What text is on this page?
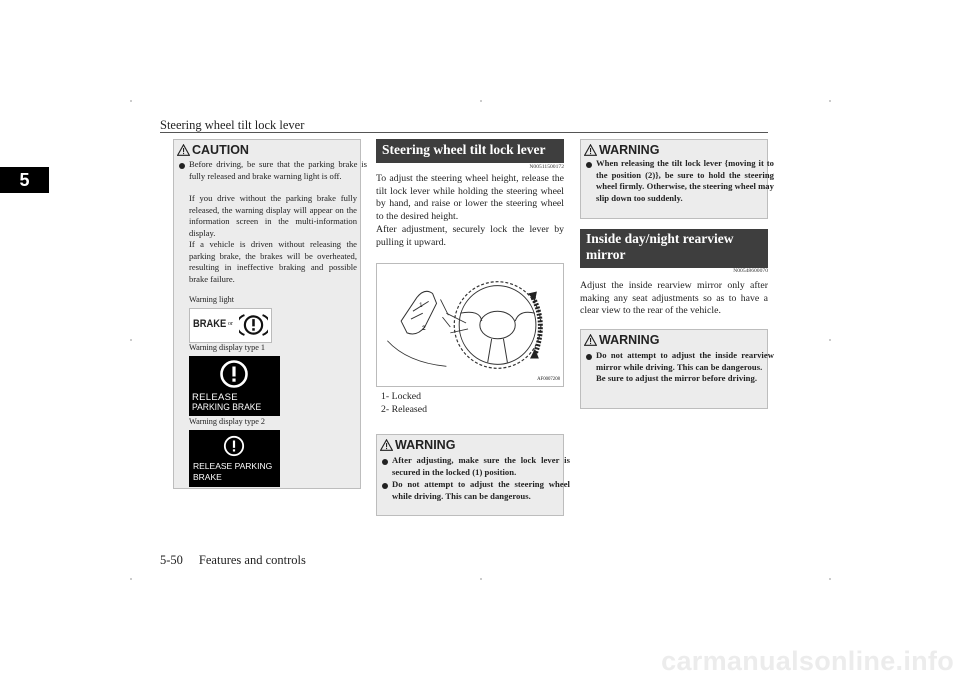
Steering wheel tilt lock lever
5
CAUTION
Before driving, be sure that the parking brake is fully released and brake warning light is off.
If you drive without the parking brake fully released, the warning display will appear on the information screen in the multi-information display.
If a vehicle is driven without releasing the parking brake, the brakes will be overheated, resulting in ineffective braking and possible brake failure.
Warning light
BRAKE or
Warning display type 1
RELEASE
PARKING BRAKE
Warning display type 2
RELEASE PARKING
BRAKE
Steering wheel tilt lock lever
N00511500172
To adjust the steering wheel height, release the tilt lock lever while holding the steering wheel by hand, and raise or lower the steering wheel to the desired height.
After adjustment, securely lock the lever by pulling it upward.
1
2
AF0007208
1- Locked
2- Released
WARNING
After adjusting, make sure the lock lever is secured in the locked (1) position.
Do not attempt to adjust the steering wheel while driving. This can be dangerous.
WARNING
When releasing the tilt lock lever {moving it to the position (2)}, be sure to hold the steering wheel firmly. Otherwise, the steering wheel may slip down too suddenly.
Inside day/night rearview mirror
N00548600070
Adjust the inside rearview mirror only after making any seat adjustments so as to have a clear view to the rear of the vehicle.
WARNING
Do not attempt to adjust the inside rearview mirror while driving. This can be dangerous.
Be sure to adjust the mirror before driving.
5-50 Features and controls
carmanualsonline.info
